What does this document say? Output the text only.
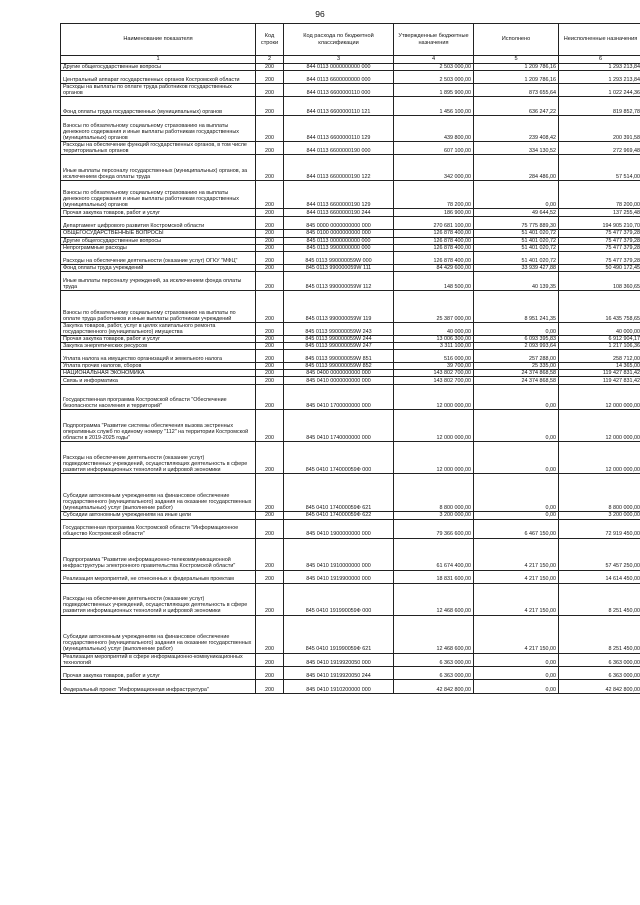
96
Наименование показателя	Код строки	Код расхода по бюджетной классификации	Утвержденные бюджетные назначения	Исполнено	Неисполненные назначения
1	2	3	4	5	6
Другие общегосударственные вопросы	200	844 0113 0000000000 000	2 503 000,00	1 209 786,16	1 293 213,84
Центральный аппарат государственных органов Костромской области	200	844 0113 6600000000 000	2 503 000,00	1 209 786,16	1 293 213,84
Расходы на выплаты по оплате труда работников государственных органов	200	844 0113 6600000110 000	1 895 900,00	873 655,64	1 022 244,36
Фонд оплаты труда государственных (муниципальных) органов	200	844 0113 6600000110 121	1 456 100,00	636 247,22	819 852,78
Взносы по обязательному социальному страхованию на выплаты денежного содержания и иные выплаты работникам государственных (муниципальных) органов	200	844 0113 6600000110 129	439 800,00	239 408,42	200 391,58
Расходы на обеспечение функций государственных органов, в том числе территориальных органов	200	844 0113 6600000190 000	607 100,00	334 130,52	272 969,48
Иные выплаты персоналу государственных (муниципальных) органов, за исключением фонда оплаты труда	200	844 0113 6600000190 122	342 000,00	284 486,00	57 514,00
Взносы по обязательному социальному страхованию на выплаты денежного содержания и иные выплаты работникам государственных (муниципальных) органов	200	844 0113 6600000190 129	78 200,00	0,00	78 200,00
Прочая закупка товаров, работ и услуг	200	844 0113 6600000190 244	186 900,00	49 644,52	137 255,48
Департамент цифрового развития Костромской области	200	845 0000 0000000000 000	270 681 100,00	75 775 889,30	194 905 210,70
ОБЩЕГОСУДАРСТВЕННЫЕ ВОПРОСЫ	200	845 0100 0000000000 000	126 878 400,00	51 401 020,72	75 477 379,28
Другие общегосударственные вопросы	200	845 0113 0000000000 000	126 878 400,00	51 401 020,72	75 477 379,28
Непрограммные расходы	200	845 0113 9900000000 000	126 878 400,00	51 401 020,72	75 477 379,28
Расходы на обеспечение деятельности (оказание услуг) ОГКУ "МФЦ"	200	845 0113 990000059W 000	126 878 400,00	51 401 020,72	75 477 379,28
Фонд оплаты труда учреждений	200	845 0113 990000059W 111	84 429 600,00	33 939 427,88	50 490 172,45
Иные выплаты персоналу учреждений, за исключением фонда оплаты труда	200	845 0113 990000059W 112	148 500,00	40 139,35	108 360,65
Взносы по обязательному социальному страхованию на выплаты по оплате труда работников и иные выплаты работникам учреждений	200	845 0113 990000059W 119	25 387 000,00	8 951 241,35	16 435 758,65
Закупка товаров, работ, услуг в целях капитального ремонта государственного (муниципального) имущества	200	845 0113 990000059W 243	40 000,00	0,00	40 000,00
Прочая закупка товаров, работ и услуг	200	845 0113 990000059W 244	13 006 300,00	6 093 395,83	6 912 904,17
Закупка энергетических ресурсов	200	845 0113 990000059W 247	3 311 100,00	2 093 993,64	1 217 106,36
Уплата налога на имущество организаций и земельного налога	200	845 0113 990000059W 851	516 000,00	257 288,00	258 712,00
Уплата прочих налогов, сборов	200	845 0113 990000059W 852	39 700,00	25 335,00	14 365,00
НАЦИОНАЛЬНАЯ ЭКОНОМИКА	200	845 0400 0000000000 000	143 802 700,00	24 374 868,58	119 427 831,42
Связь и информатика	200	845 0410 0000000000 000	143 802 700,00	24 374 868,58	119 427 831,42
Государственная программа Костромской области "Обеспечение безопасности населения и территорий"	200	845 0410 1700000000 000	12 000 000,00	0,00	12 000 000,00
Подпрограмма "Развитие системы обеспечения вызова экстренных оперативных служб по единому номеру "112" на территории Костромской области в 2019-2025 годы"	200	845 0410 1740000000 000	12 000 000,00	0,00	12 000 000,00
Расходы на обеспечение деятельности (оказание услуг) подведомственных учреждений, осуществляющих деятельность в сфере развития информационных технологий и цифровой экономики	200	845 0410 174000059Ф 000	12 000 000,00	0,00	12 000 000,00
Субсидии автономным учреждениям на финансовое обеспечение государственного (муниципального) задания на оказание государственных (муниципальных) услуг (выполнение работ)	200	845 0410 174000059Ф 621	8 800 000,00	0,00	8 800 000,00
Субсидии автономным учреждениям на иные цели	200	845 0410 174000059Ф 622	3 200 000,00	0,00	3 200 000,00
Государственная программа Костромской области "Информационное общество Костромской области"	200	845 0410 1900000000 000	79 366 600,00	6 467 150,00	72 919 450,00
Подпрограмма "Развитие информационно-телекоммуникационной инфраструктуры электронного правительства Костромской области"	200	845 0410 1910000000 000	61 674 400,00	4 217 150,00	57 457 250,00
Реализация мероприятий, не отнесенных к федеральным проектам	200	845 0410 1919900000 000	18 831 600,00	4 217 150,00	14 614 450,00
Расходы на обеспечение деятельности (оказание услуг) подведомственных учреждений, осуществляющих деятельность в сфере развития информационных технологий и цифровой экономики	200	845 0410 191990059Ф 000	12 468 600,00	4 217 150,00	8 251 450,00
Субсидии автономным учреждениям на финансовое обеспечение государственного (муниципального) задания на оказание государственных (муниципальных) услуг (выполнение работ)	200	845 0410 191990059Ф 621	12 468 600,00	4 217 150,00	8 251 450,00
Реализация мероприятий в сфере информационно-коммуникационных технологий	200	845 0410 1919920050 000	6 363 000,00	0,00	6 363 000,00
Прочая закупка товаров, работ и услуг	200	845 0410 1919920050 244	6 363 000,00	0,00	6 363 000,00
Федеральный проект "Информационная инфраструктура"	200	845 0410 1910200000 000	42 842 800,00	0,00	42 842 800,00
